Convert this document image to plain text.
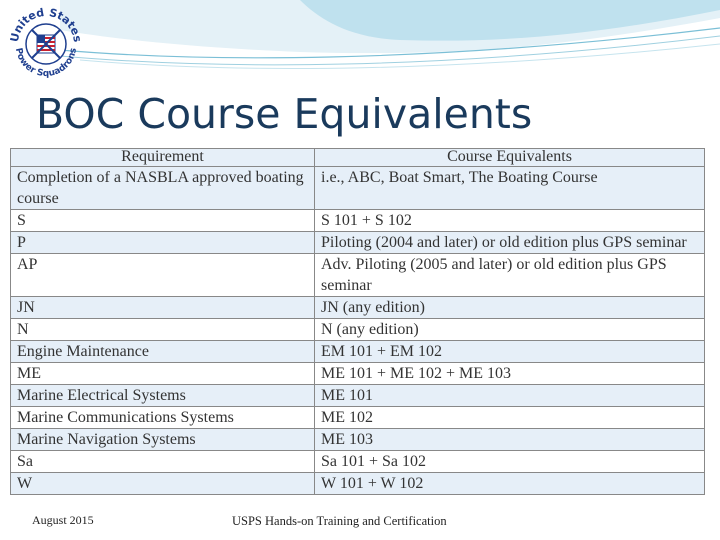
United States
Power Squadrons
BOC Course Equivalents
Requirement	Course Equivalents
Completion of a NASBLA approved boating course	i.e., ABC, Boat Smart, The Boating Course
S	S 101 + S 102
P	Piloting (2004 and later) or old edition plus GPS seminar
AP	Adv. Piloting (2005 and later) or old edition plus GPS seminar
JN	JN (any edition)
N	N (any edition)
Engine Maintenance	EM 101 + EM 102
ME	ME 101 + ME 102 + ME 103
Marine Electrical Systems	ME 101
Marine Communications Systems	ME 102
Marine Navigation Systems	ME 103
Sa	Sa 101 + Sa 102
W	W 101 + W 102
August 2015	USPS Hands-on Training and Certification
